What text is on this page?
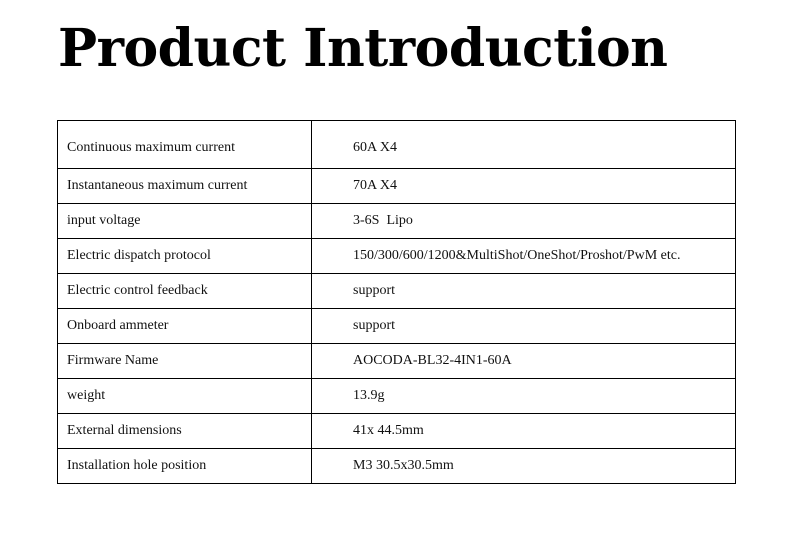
Product Introduction
Continuous maximum current	60A X4
Instantaneous maximum current	70A X4
input voltage	3-6S  Lipo
Electric dispatch protocol	150/300/600/1200&MultiShot/OneShot/Proshot/PwM etc.
Electric control feedback	support
Onboard ammeter	support
Firmware Name	AOCODA-BL32-4IN1-60A
weight	13.9g
External dimensions	41x 44.5mm
Installation hole position	M3 30.5x30.5mm
